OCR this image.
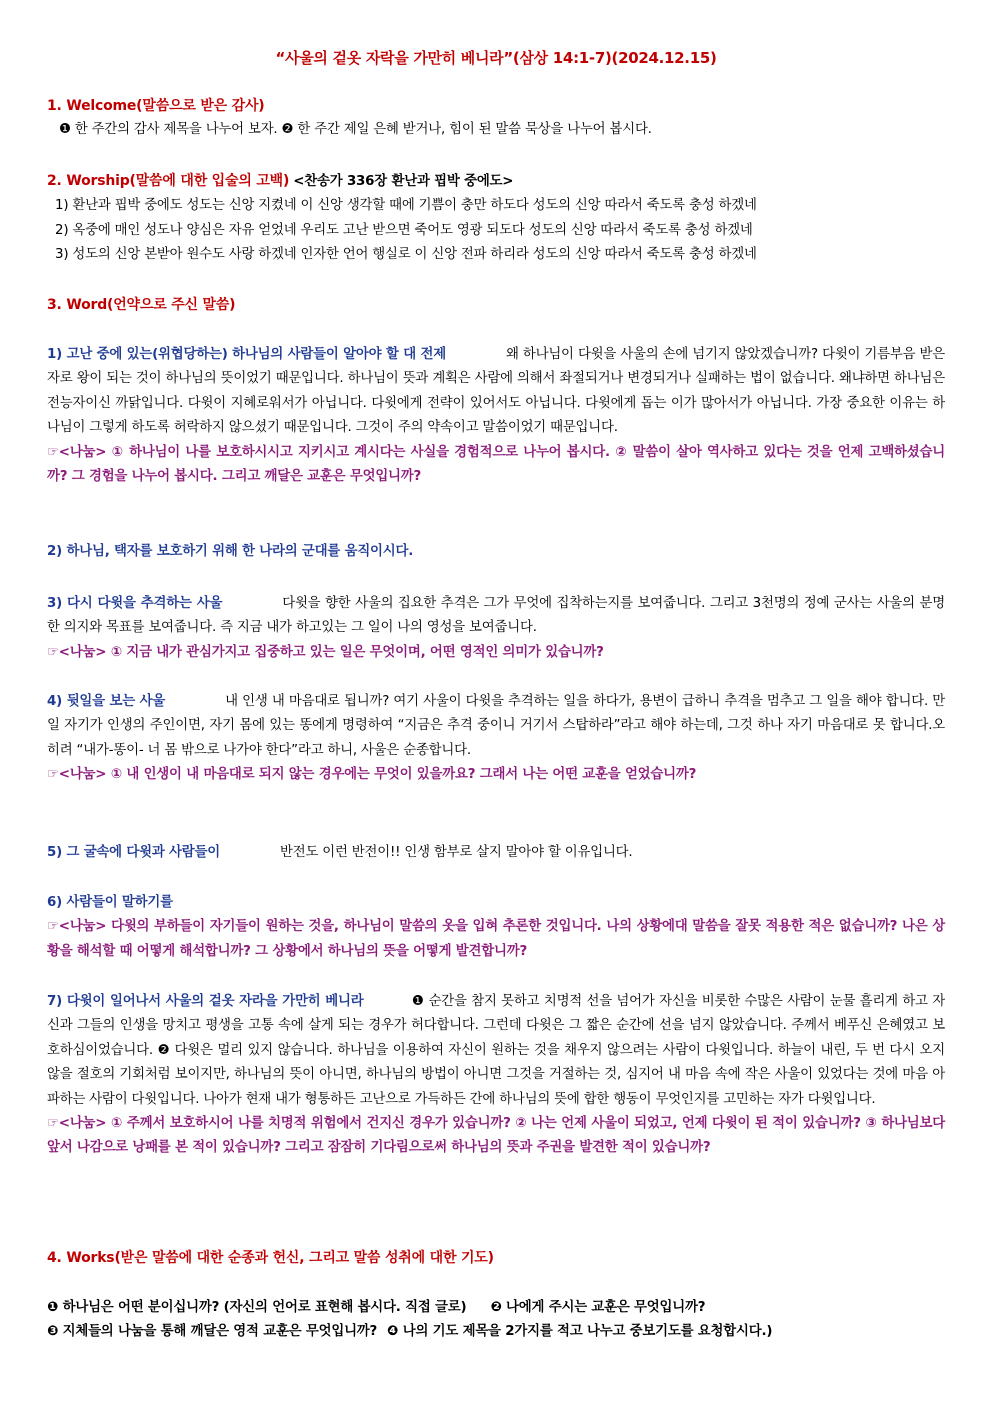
“사울의 겉옷 자락을 가만히 베니라”(삼상 14:1-7)(2024.12.15)
1. Welcome(말씀으로 받은 감사)
❶ 한 주간의 감사 제목을 나누어 보자. ❷ 한 주간 제일 은혜 받거나, 힘이 된 말씀 묵상을 나누어 봅시다.
2. Worship(말씀에 대한 입술의 고백) <찬송가 336장 환난과 핍박 중에도>
1) 환난과 핍박 중에도 성도는 신앙 지켰네 이 신앙 생각할 때에 기쁨이 충만 하도다 성도의 신앙 따라서 죽도록 충성 하겠네
2) 옥중에 매인 성도나 양심은 자유 얻었네 우리도 고난 받으면 죽어도 영광 되도다 성도의 신앙 따라서 죽도록 충성 하겠네
3) 성도의 신앙 본받아 원수도 사랑 하겠네 인자한 언어 행실로 이 신앙 전파 하리라 성도의 신앙 따라서 죽도록 충성 하겠네
3. Word(언약으로 주신 말씀)
1) 고난 중에 있는(위협당하는) 하나님의 사람들이 알아야 할 대 전제	왜 하나님이 다윗을 사울의 손에 넘기지 않았겠습니까? 다윗이 기름부음 받은 자로 왕이 되는 것이 하나님의 뜻이었기 때문입니다. 하나님이 뜻과 계획은 사람에 의해서 좌절되거나 변경되거나 실패하는 법이 없습니다. 왜냐하면 하나님은 전능자이신 까닭입니다. 다윗이 지혜로워서가 아닙니다. 다윗에게 전략이 있어서도 아닙니다. 다윗에게 돕는 이가 많아서가 아닙니다. 가장 중요한 이유는 하나님이 그렇게 하도록 허락하지 않으셨기 때문입니다. 그것이 주의 약속이고 말씀이었기 때문입니다.
☞<나눔> ① 하나님이 나를 보호하시시고 지키시고 계시다는 사실을 경험적으로 나누어 봅시다. ② 말씀이 살아 역사하고 있다는 것을 언제 고백하셨습니까? 그 경험을 나누어 봅시다. 그리고 깨달은 교훈은 무엇입니까?
2) 하나님, 택자를 보호하기 위해 한 나라의 군대를 움직이시다.
3) 다시 다윗을 추격하는 사울	다윗을 향한 사울의 집요한 추격은 그가 무엇에 집착하는지를 보여줍니다. 그리고 3천명의 정예 군사는 사울의 분명한 의지와 목표를 보여줍니다. 즉 지금 내가 하고있는 그 일이 나의 영성을 보여줍니다.
☞<나눔> ① 지금 내가 관심가지고 집중하고 있는 일은 무엇이며, 어떤 영적인 의미가 있습니까?
4) 뒷일을 보는 사울	내 인생 내 마음대로 됩니까? 여기 사울이 다윗을 추격하는 일을 하다가, 용변이 급하니 추격을 멈추고 그 일을 해야 합니다. 만일 자기가 인생의 주인이면, 자기 몸에 있는 똥에게 명령하여 “지금은 추격 중이니 거기서 스탑하라”라고 해야 하는데, 그것 하나 자기 마음대로 못 합니다.오히려 “내가-똥이- 너 몸 밖으로 나가야 한다”라고 하니, 사울은 순종합니다.
☞<나눔> ① 내 인생이 내 마음대로 되지 않는 경우에는 무엇이 있을까요? 그래서 나는 어떤 교훈을 얻었습니까?
5) 그 굴속에 다윗과 사람들이	반전도 이런 반전이!! 인생 함부로 살지 말아야 할 이유입니다.
6) 사람들이 말하기를
☞<나눔> 다윗의 부하들이 자기들이 원하는 것을, 하나님이 말씀의 옷을 입혀 추론한 것입니다. 나의 상황에대 말씀을 잘못 적용한 적은 없습니까? 나은 상황을 해석할 때 어떻게 해석합니까? 그 상황에서 하나님의 뜻을 어떻게 발견합니까?
7) 다윗이 일어나서 사울의 겉옷 자라을 가만히 베니라	❶ 순간을 참지 못하고 치명적 선을 넘어가 자신을 비롯한 수많은 사람이 눈물 흘리게 하고 자신과 그들의 인생을 망치고 평생을 고통 속에 살게 되는 경우가 허다합니다. 그런데 다윗은 그 짧은 순간에 선을 넘지 않았습니다. 주께서 베푸신 은혜였고 보호하심이었습니다. ❷ 다윗은 멀리 있지 않습니다. 하나님을 이용하여 자신이 원하는 것을 채우지 않으려는 사람이 다윗입니다. 하늘이 내린, 두 번 다시 오지 않을 절호의 기회처럼 보이지만, 하나님의 뜻이 아니면, 하나님의 방법이 아니면 그것을 거절하는 것, 심지어 내 마음 속에 작은 사울이 있었다는 것에 마음 아파하는 사람이 다윗입니다. 나아가 현재 내가 형통하든 고난으로 가득하든 간에 하나님의 뜻에 합한 행동이 무엇인지를 고민하는 자가 다윗입니다.
☞<나눔> ① 주께서 보호하시어 나를 치명적 위험에서 건지신 경우가 있습니까? ② 나는 언제 사울이 되었고, 언제 다윗이 된 적이 있습니까? ③ 하나님보다 앞서 나감으로 낭패를 본 적이 있습니까? 그리고 잠잠히 기다림으로써 하나님의 뜻과 주권을 발견한 적이 있습니까?
4. Works(받은 말씀에 대한 순종과 헌신, 그리고 말씀 성취에 대한 기도)
❶ 하나님은 어떤 분이십니까? (자신의 언어로 표현해 봅시다. 직접 글로) ❷ 나에게 주시는 교훈은 무엇입니까?
❸ 지체들의 나눔을 통해 깨달은 영적 교훈은 무엇입니까? ❹ 나의 기도 제목을 2가지를 적고 나누고 중보기도를 요청합시다.)
